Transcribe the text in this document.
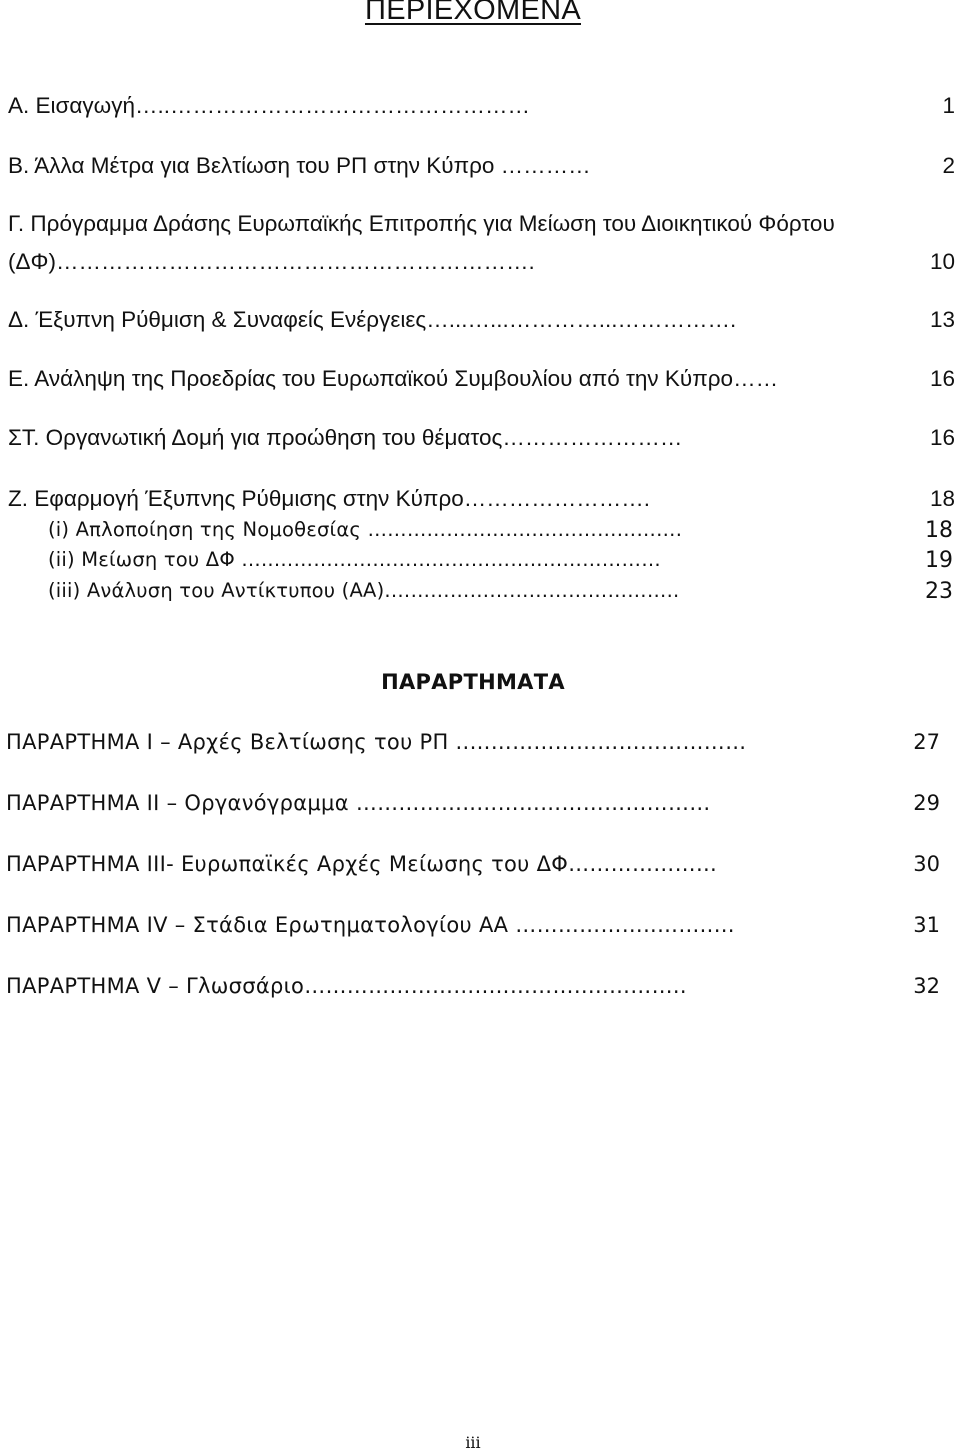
ΠΕΡΙΕΧΟΜΕΝΑ
Α. Εισαγωγή…..…………………………………………	1
Β. Άλλα Μέτρα για Βελτίωση του ΡΠ στην Κύπρο …………	2
Γ. Πρόγραμμα Δράσης Ευρωπαϊκής Επιτροπής για Μείωση του Διοικητικού Φόρτου (ΔΦ)……………………………………………………….	10
Δ. Έξυπνη Ρύθμιση & Συναφείς Ενέργειες…...…...…………...…………….	13
Ε. Ανάληψη της Προεδρίας του Ευρωπαϊκού Συμβουλίου από την Κύπρο……	16
ΣΤ. Οργανωτική Δομή για προώθηση του θέματος……………………	16
Ζ. Εφαρμογή Έξυπνης Ρύθμισης στην Κύπρο…………………….	18
(i) Απλοποίηση της Νομοθεσίας ……………………..………………….	18
(ii) Μείωση του ΔΦ …..…………………………………..………………	19
(iii) Ανάλυση του Αντίκτυπου (ΑΑ).……………………………………..	23
ΠΑΡΑΡΤΗΜΑΤΑ
ΠΑΡΑΡΤΗΜΑ Ι – Αρχές Βελτίωσης του ΡΠ ..…………………………………	27
ΠΑΡΑΡΤΗΜΑ ΙΙ – Οργανόγραμμα ……………..……………………………	29
ΠΑΡΑΡΤΗΜΑ ΙΙΙ- Ευρωπαϊκές Αρχές Μείωσης του ΔΦ…………………	30
ΠΑΡΑΡΤΗΜΑ IV – Στάδια Ερωτηματολογίου ΑΑ ………………..……..…	31
ΠΑΡΑΡΤΗΜΑ V – Γλωσσάριο……………………..……………..………..	32
iii
